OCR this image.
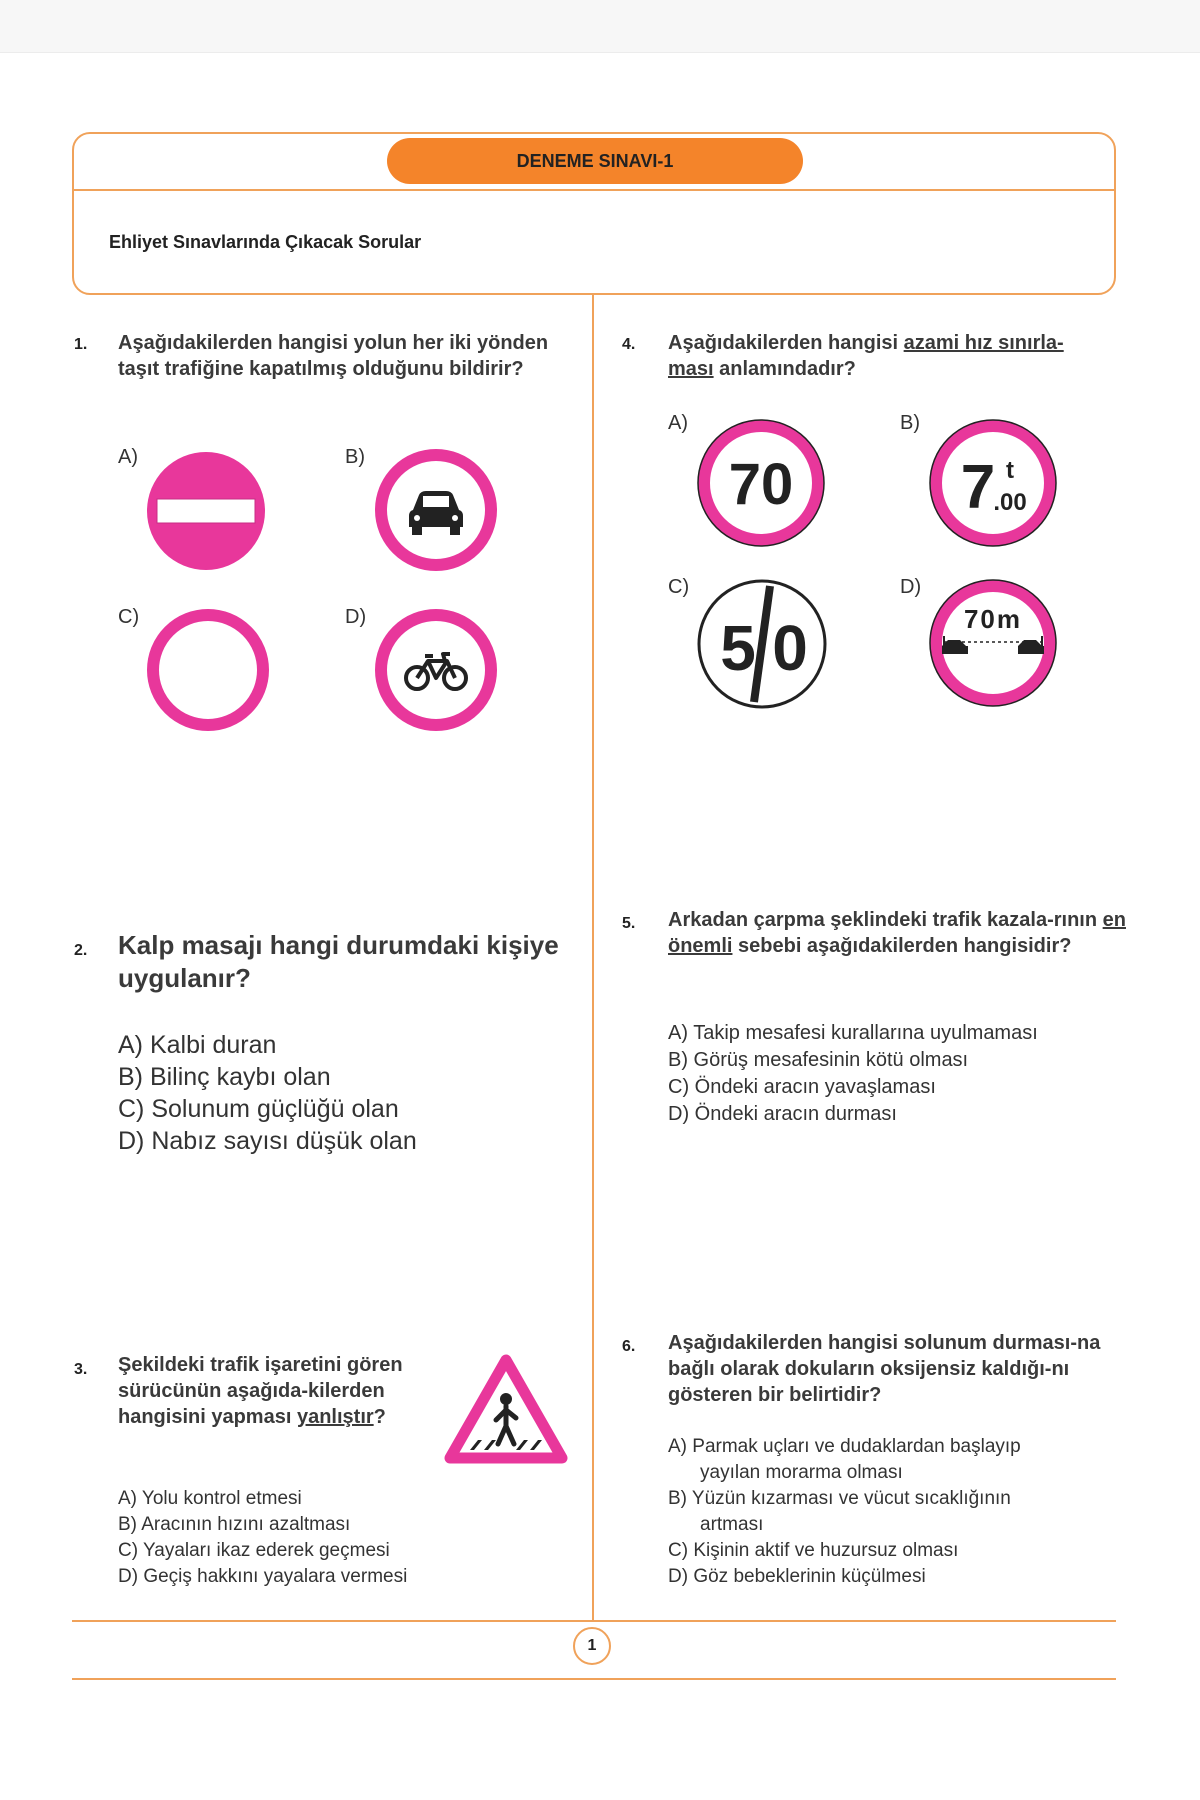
DENEME SINAVI-1
Ehliyet Sınavlarında Çıkacak Sorular
1. Aşağıdakilerden hangisi yolun her iki yönden taşıt trafiğine kapatılmış olduğunu bildirir?
A)	B)
C)	D)
2. Kalp masajı hangi durumdaki kişiye uygulanır?
A) Kalbi duran
B) Bilinç kaybı olan
C) Solunum güçlüğü olan
D) Nabız sayısı düşük olan
3. Şekildeki trafik işaretini gören sürücünün aşağıda-kilerden hangisini yapması yanlıştır?
A) Yolu kontrol etmesi
B) Aracının hızını azaltması
C) Yayaları ikaz ederek geçmesi
D) Geçiş hakkını yayalara vermesi
4. Aşağıdakilerden hangisi azami hız sınırla-
ması anlamındadır?
A)	B)
C)	D)
70	7 t
.00
5 0	70m
5. Arkadan çarpma şeklindeki trafik kazala-rının en önemli sebebi aşağıdakilerden hangisidir?
A) Takip mesafesi kurallarına uyulmaması
B) Görüş mesafesinin kötü olması
C) Öndeki aracın yavaşlaması
D) Öndeki aracın durması
6. Aşağıdakilerden hangisi solunum durması-na bağlı olarak dokuların oksijensiz kaldığı-nı gösteren bir belirtidir?
A) Parmak uçları ve dudaklardan başlayıp
yayılan morarma olması
B) Yüzün kızarması ve vücut sıcaklığının
artması
C) Kişinin aktif ve huzursuz olması
D) Göz bebeklerinin küçülmesi
1
